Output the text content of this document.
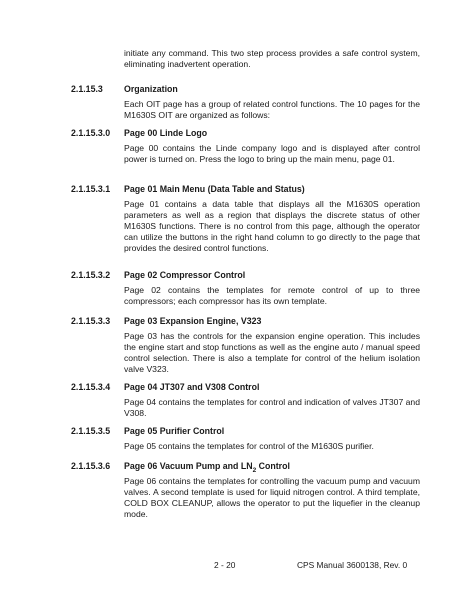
initiate any command. This two step process provides a safe control system, eliminating inadvertent operation.
2.1.15.3 Organization
Each OIT page has a group of related control functions. The 10 pages for the M1630S OIT are organized as follows:
2.1.15.3.0 Page 00 Linde Logo
Page 00 contains the Linde company logo and is displayed after control power is turned on. Press the logo to bring up the main menu, page 01.
2.1.15.3.1 Page 01 Main Menu (Data Table and Status)
Page 01 contains a data table that displays all the M1630S operation parameters as well as a region that displays the discrete status of other M1630S functions. There is no control from this page, although the operator can utilize the buttons in the right hand column to go directly to the page that provides the desired control functions.
2.1.15.3.2 Page 02 Compressor Control
Page 02 contains the templates for remote control of up to three compressors; each compressor has its own template.
2.1.15.3.3 Page 03 Expansion Engine, V323
Page 03 has the controls for the expansion engine operation. This includes the engine start and stop functions as well as the engine auto / manual speed control selection. There is also a template for control of the helium isolation valve V323.
2.1.15.3.4 Page 04 JT307 and V308 Control
Page 04 contains the templates for control and indication of valves JT307 and V308.
2.1.15.3.5 Page 05 Purifier Control
Page 05 contains the templates for control of the M1630S purifier.
2.1.15.3.6 Page 06 Vacuum Pump and $LN_2$ Control
Page 06 contains the templates for controlling the vacuum pump and vacuum valves. A second template is used for liquid nitrogen control. A third template, COLD BOX CLEANUP, allows the operator to put the liquefier in the cleanup mode.
2 - 20	CPS Manual 3600138, Rev. 0
